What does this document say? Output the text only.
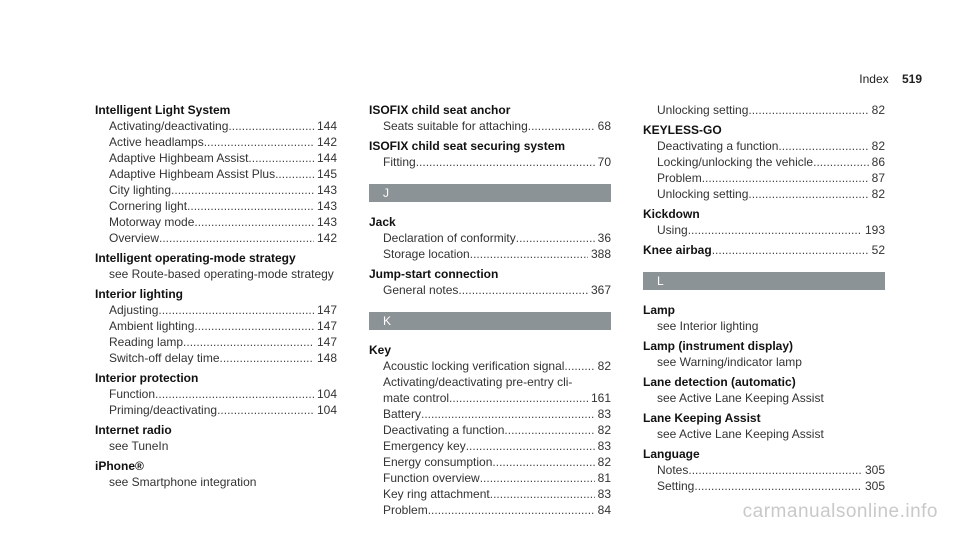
Index 519
Intelligent Light System
Activating/deactivating .....	144
Active headlamps .....	142
Adaptive Highbeam Assist .....	144
Adaptive Highbeam Assist Plus .....	145
City lighting .....	143
Cornering light .....	143
Motorway mode .....	143
Overview .....	142
Intelligent operating-mode strategy
see Route-based operating-mode strategy
Interior lighting
Adjusting .....	147
Ambient lighting .....	147
Reading lamp .....	147
Switch-off delay time .....	148
Interior protection
Function .....	104
Priming/deactivating .....	104
Internet radio
see TuneIn
iPhone®
see Smartphone integration
ISOFIX child seat anchor
Seats suitable for attaching .....	68
ISOFIX child seat securing system
Fitting .....	70
J
Jack
Declaration of conformity .....	36
Storage location .....	388
Jump-start connection
General notes .....	367
K
Key
Acoustic locking verification signal .....	82
Activating/deactivating pre-entry cli-
mate control .....	161
Battery .....	83
Deactivating a function .....	82
Emergency key .....	83
Energy consumption .....	82
Function overview .....	81
Key ring attachment .....	83
Problem .....	84
Unlocking setting .....	82
KEYLESS-GO
Deactivating a function .....	82
Locking/unlocking the vehicle .....	86
Problem .....	87
Unlocking setting .....	82
Kickdown
Using .....	193
Knee airbag .....	52
L
Lamp
see Interior lighting
Lamp (instrument display)
see Warning/indicator lamp
Lane detection (automatic)
see Active Lane Keeping Assist
Lane Keeping Assist
see Active Lane Keeping Assist
Language
Notes .....	305
Setting .....	305
carmanualsonline.info
